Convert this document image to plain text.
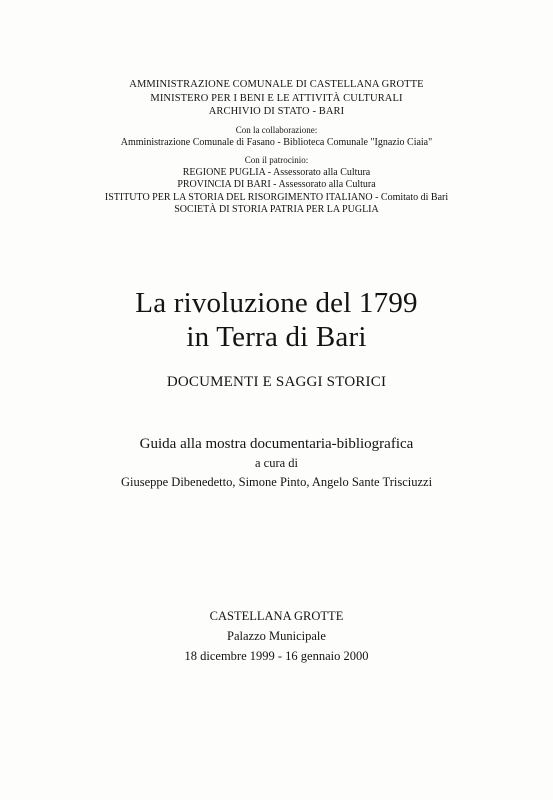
AMMINISTRAZIONE COMUNALE DI CASTELLANA GROTTE
MINISTERO PER I BENI E LE ATTIVITÀ CULTURALI
ARCHIVIO DI STATO - BARI
Con la collaborazione:
Amministrazione Comunale di Fasano - Biblioteca Comunale "Ignazio Ciaia"
Con il patrocinio:
REGIONE PUGLIA - Assessorato alla Cultura
PROVINCIA DI BARI - Assessorato alla Cultura
ISTITUTO PER LA STORIA DEL RISORGIMENTO ITALIANO - Comitato di Bari
SOCIETÀ DI STORIA PATRIA PER LA PUGLIA
La rivoluzione del 1799
in Terra di Bari
DOCUMENTI E SAGGI STORICI
Guida alla mostra documentaria-bibliografica
a cura di
Giuseppe Dibenedetto, Simone Pinto, Angelo Sante Trisciuzzi
CASTELLANA GROTTE
Palazzo Municipale
18 dicembre 1999 - 16 gennaio 2000
